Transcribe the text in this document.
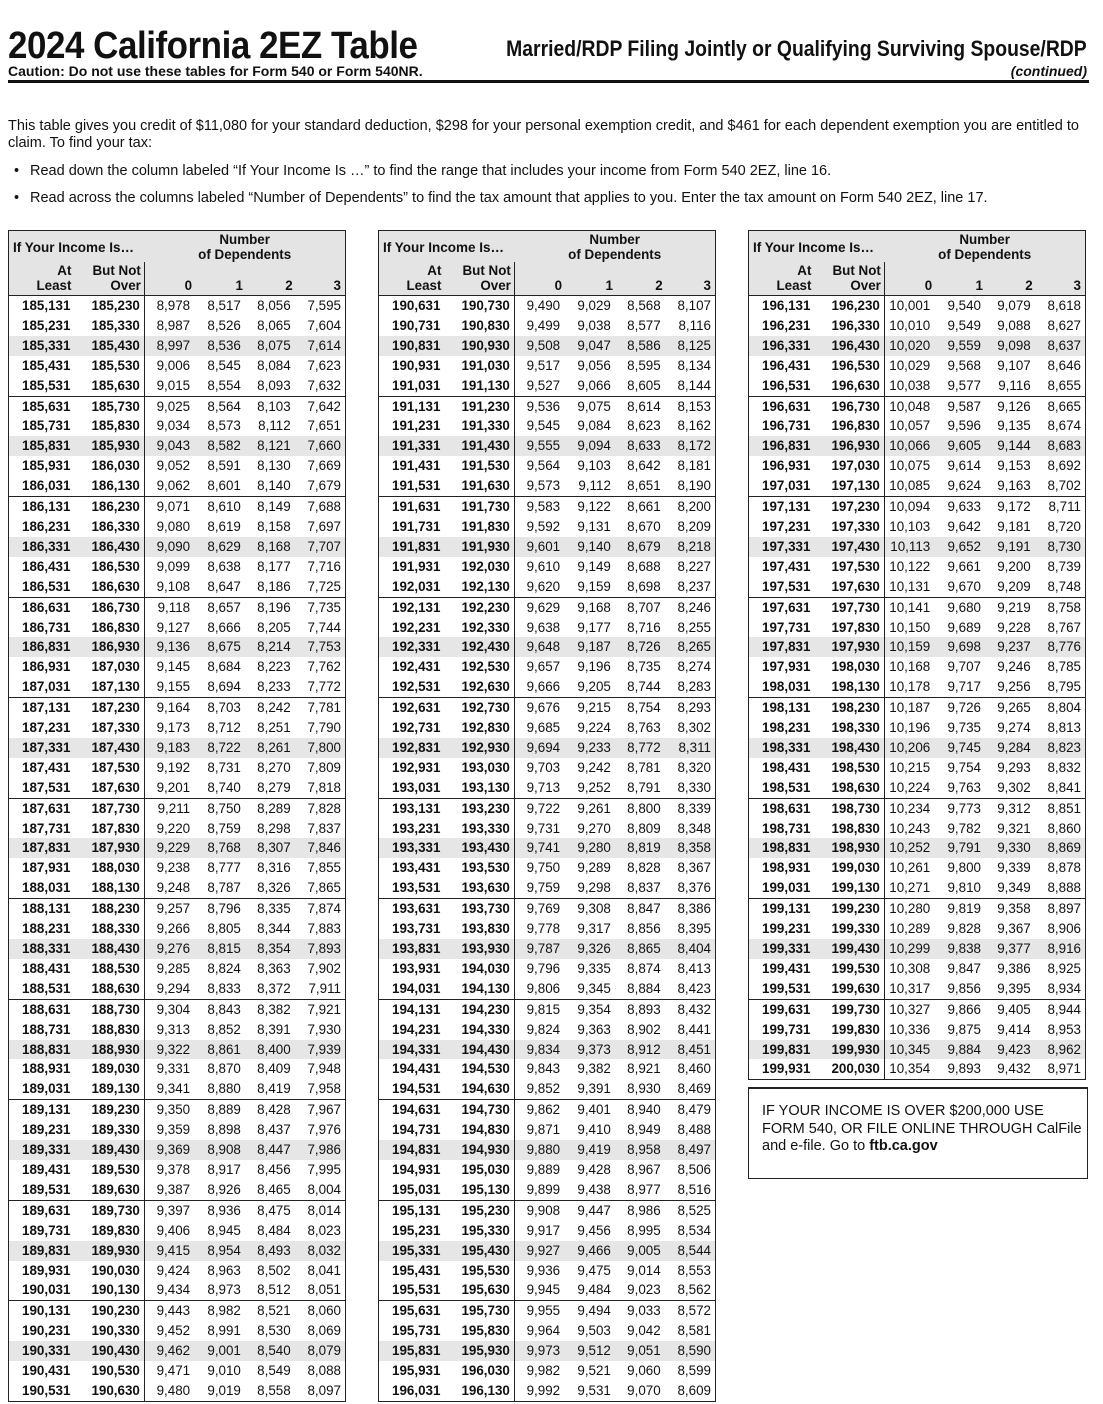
2024 California 2EZ Table	Married/RDP Filing Jointly or Qualifying Surviving Spouse/RDP
Caution: Do not use these tables for Form 540 or Form 540NR.	(continued)
This table gives you credit of $11,080 for your standard deduction, $298 for your personal exemption credit, and $461 for each dependent exemption you are entitled to claim. To find your tax:
• Read down the column labeled “If Your Income Is …” to find the range that includes your income from Form 540 2EZ, line 16.
• Read across the columns labeled “Number of Dependents” to find the tax amount that applies to you. Enter the tax amount on Form 540 2EZ, line 17.
If Your Income Is…		Number
of Dependents			
At
Least	But Not
Over	0	1	2	3
185,131	185,230	8,978	8,517	8,056	7,595
185,231	185,330	8,987	8,526	8,065	7,604
185,331	185,430	8,997	8,536	8,075	7,614
185,431	185,530	9,006	8,545	8,084	7,623
185,531	185,630	9,015	8,554	8,093	7,632
185,631	185,730	9,025	8,564	8,103	7,642
185,731	185,830	9,034	8,573	8,112	7,651
185,831	185,930	9,043	8,582	8,121	7,660
185,931	186,030	9,052	8,591	8,130	7,669
186,031	186,130	9,062	8,601	8,140	7,679
186,131	186,230	9,071	8,610	8,149	7,688
186,231	186,330	9,080	8,619	8,158	7,697
186,331	186,430	9,090	8,629	8,168	7,707
186,431	186,530	9,099	8,638	8,177	7,716
186,531	186,630	9,108	8,647	8,186	7,725
186,631	186,730	9,118	8,657	8,196	7,735
186,731	186,830	9,127	8,666	8,205	7,744
186,831	186,930	9,136	8,675	8,214	7,753
186,931	187,030	9,145	8,684	8,223	7,762
187,031	187,130	9,155	8,694	8,233	7,772
187,131	187,230	9,164	8,703	8,242	7,781
187,231	187,330	9,173	8,712	8,251	7,790
187,331	187,430	9,183	8,722	8,261	7,800
187,431	187,530	9,192	8,731	8,270	7,809
187,531	187,630	9,201	8,740	8,279	7,818
187,631	187,730	9,211	8,750	8,289	7,828
187,731	187,830	9,220	8,759	8,298	7,837
187,831	187,930	9,229	8,768	8,307	7,846
187,931	188,030	9,238	8,777	8,316	7,855
188,031	188,130	9,248	8,787	8,326	7,865
188,131	188,230	9,257	8,796	8,335	7,874
188,231	188,330	9,266	8,805	8,344	7,883
188,331	188,430	9,276	8,815	8,354	7,893
188,431	188,530	9,285	8,824	8,363	7,902
188,531	188,630	9,294	8,833	8,372	7,911
188,631	188,730	9,304	8,843	8,382	7,921
188,731	188,830	9,313	8,852	8,391	7,930
188,831	188,930	9,322	8,861	8,400	7,939
188,931	189,030	9,331	8,870	8,409	7,948
189,031	189,130	9,341	8,880	8,419	7,958
189,131	189,230	9,350	8,889	8,428	7,967
189,231	189,330	9,359	8,898	8,437	7,976
189,331	189,430	9,369	8,908	8,447	7,986
189,431	189,530	9,378	8,917	8,456	7,995
189,531	189,630	9,387	8,926	8,465	8,004
189,631	189,730	9,397	8,936	8,475	8,014
189,731	189,830	9,406	8,945	8,484	8,023
189,831	189,930	9,415	8,954	8,493	8,032
189,931	190,030	9,424	8,963	8,502	8,041
190,031	190,130	9,434	8,973	8,512	8,051
190,131	190,230	9,443	8,982	8,521	8,060
190,231	190,330	9,452	8,991	8,530	8,069
190,331	190,430	9,462	9,001	8,540	8,079
190,431	190,530	9,471	9,010	8,549	8,088
190,531	190,630	9,480	9,019	8,558	8,097
If Your Income Is…		Number
of Dependents			
At
Least	But Not
Over	0	1	2	3
190,631	190,730	9,490	9,029	8,568	8,107
190,731	190,830	9,499	9,038	8,577	8,116
190,831	190,930	9,508	9,047	8,586	8,125
190,931	191,030	9,517	9,056	8,595	8,134
191,031	191,130	9,527	9,066	8,605	8,144
191,131	191,230	9,536	9,075	8,614	8,153
191,231	191,330	9,545	9,084	8,623	8,162
191,331	191,430	9,555	9,094	8,633	8,172
191,431	191,530	9,564	9,103	8,642	8,181
191,531	191,630	9,573	9,112	8,651	8,190
191,631	191,730	9,583	9,122	8,661	8,200
191,731	191,830	9,592	9,131	8,670	8,209
191,831	191,930	9,601	9,140	8,679	8,218
191,931	192,030	9,610	9,149	8,688	8,227
192,031	192,130	9,620	9,159	8,698	8,237
192,131	192,230	9,629	9,168	8,707	8,246
192,231	192,330	9,638	9,177	8,716	8,255
192,331	192,430	9,648	9,187	8,726	8,265
192,431	192,530	9,657	9,196	8,735	8,274
192,531	192,630	9,666	9,205	8,744	8,283
192,631	192,730	9,676	9,215	8,754	8,293
192,731	192,830	9,685	9,224	8,763	8,302
192,831	192,930	9,694	9,233	8,772	8,311
192,931	193,030	9,703	9,242	8,781	8,320
193,031	193,130	9,713	9,252	8,791	8,330
193,131	193,230	9,722	9,261	8,800	8,339
193,231	193,330	9,731	9,270	8,809	8,348
193,331	193,430	9,741	9,280	8,819	8,358
193,431	193,530	9,750	9,289	8,828	8,367
193,531	193,630	9,759	9,298	8,837	8,376
193,631	193,730	9,769	9,308	8,847	8,386
193,731	193,830	9,778	9,317	8,856	8,395
193,831	193,930	9,787	9,326	8,865	8,404
193,931	194,030	9,796	9,335	8,874	8,413
194,031	194,130	9,806	9,345	8,884	8,423
194,131	194,230	9,815	9,354	8,893	8,432
194,231	194,330	9,824	9,363	8,902	8,441
194,331	194,430	9,834	9,373	8,912	8,451
194,431	194,530	9,843	9,382	8,921	8,460
194,531	194,630	9,852	9,391	8,930	8,469
194,631	194,730	9,862	9,401	8,940	8,479
194,731	194,830	9,871	9,410	8,949	8,488
194,831	194,930	9,880	9,419	8,958	8,497
194,931	195,030	9,889	9,428	8,967	8,506
195,031	195,130	9,899	9,438	8,977	8,516
195,131	195,230	9,908	9,447	8,986	8,525
195,231	195,330	9,917	9,456	8,995	8,534
195,331	195,430	9,927	9,466	9,005	8,544
195,431	195,530	9,936	9,475	9,014	8,553
195,531	195,630	9,945	9,484	9,023	8,562
195,631	195,730	9,955	9,494	9,033	8,572
195,731	195,830	9,964	9,503	9,042	8,581
195,831	195,930	9,973	9,512	9,051	8,590
195,931	196,030	9,982	9,521	9,060	8,599
196,031	196,130	9,992	9,531	9,070	8,609
If Your Income Is…		Number
of Dependents			
At
Least	But Not
Over	0	1	2	3
196,131	196,230	10,001	9,540	9,079	8,618
196,231	196,330	10,010	9,549	9,088	8,627
196,331	196,430	10,020	9,559	9,098	8,637
196,431	196,530	10,029	9,568	9,107	8,646
196,531	196,630	10,038	9,577	9,116	8,655
196,631	196,730	10,048	9,587	9,126	8,665
196,731	196,830	10,057	9,596	9,135	8,674
196,831	196,930	10,066	9,605	9,144	8,683
196,931	197,030	10,075	9,614	9,153	8,692
197,031	197,130	10,085	9,624	9,163	8,702
197,131	197,230	10,094	9,633	9,172	8,711
197,231	197,330	10,103	9,642	9,181	8,720
197,331	197,430	10,113	9,652	9,191	8,730
197,431	197,530	10,122	9,661	9,200	8,739
197,531	197,630	10,131	9,670	9,209	8,748
197,631	197,730	10,141	9,680	9,219	8,758
197,731	197,830	10,150	9,689	9,228	8,767
197,831	197,930	10,159	9,698	9,237	8,776
197,931	198,030	10,168	9,707	9,246	8,785
198,031	198,130	10,178	9,717	9,256	8,795
198,131	198,230	10,187	9,726	9,265	8,804
198,231	198,330	10,196	9,735	9,274	8,813
198,331	198,430	10,206	9,745	9,284	8,823
198,431	198,530	10,215	9,754	9,293	8,832
198,531	198,630	10,224	9,763	9,302	8,841
198,631	198,730	10,234	9,773	9,312	8,851
198,731	198,830	10,243	9,782	9,321	8,860
198,831	198,930	10,252	9,791	9,330	8,869
198,931	199,030	10,261	9,800	9,339	8,878
199,031	199,130	10,271	9,810	9,349	8,888
199,131	199,230	10,280	9,819	9,358	8,897
199,231	199,330	10,289	9,828	9,367	8,906
199,331	199,430	10,299	9,838	9,377	8,916
199,431	199,530	10,308	9,847	9,386	8,925
199,531	199,630	10,317	9,856	9,395	8,934
199,631	199,730	10,327	9,866	9,405	8,944
199,731	199,830	10,336	9,875	9,414	8,953
199,831	199,930	10,345	9,884	9,423	8,962
199,931	200,030	10,354	9,893	9,432	8,971
IF YOUR INCOME IS OVER $200,000 USE FORM 540, OR FILE ONLINE THROUGH CalFile and e-file. Go to ftb.ca.gov
